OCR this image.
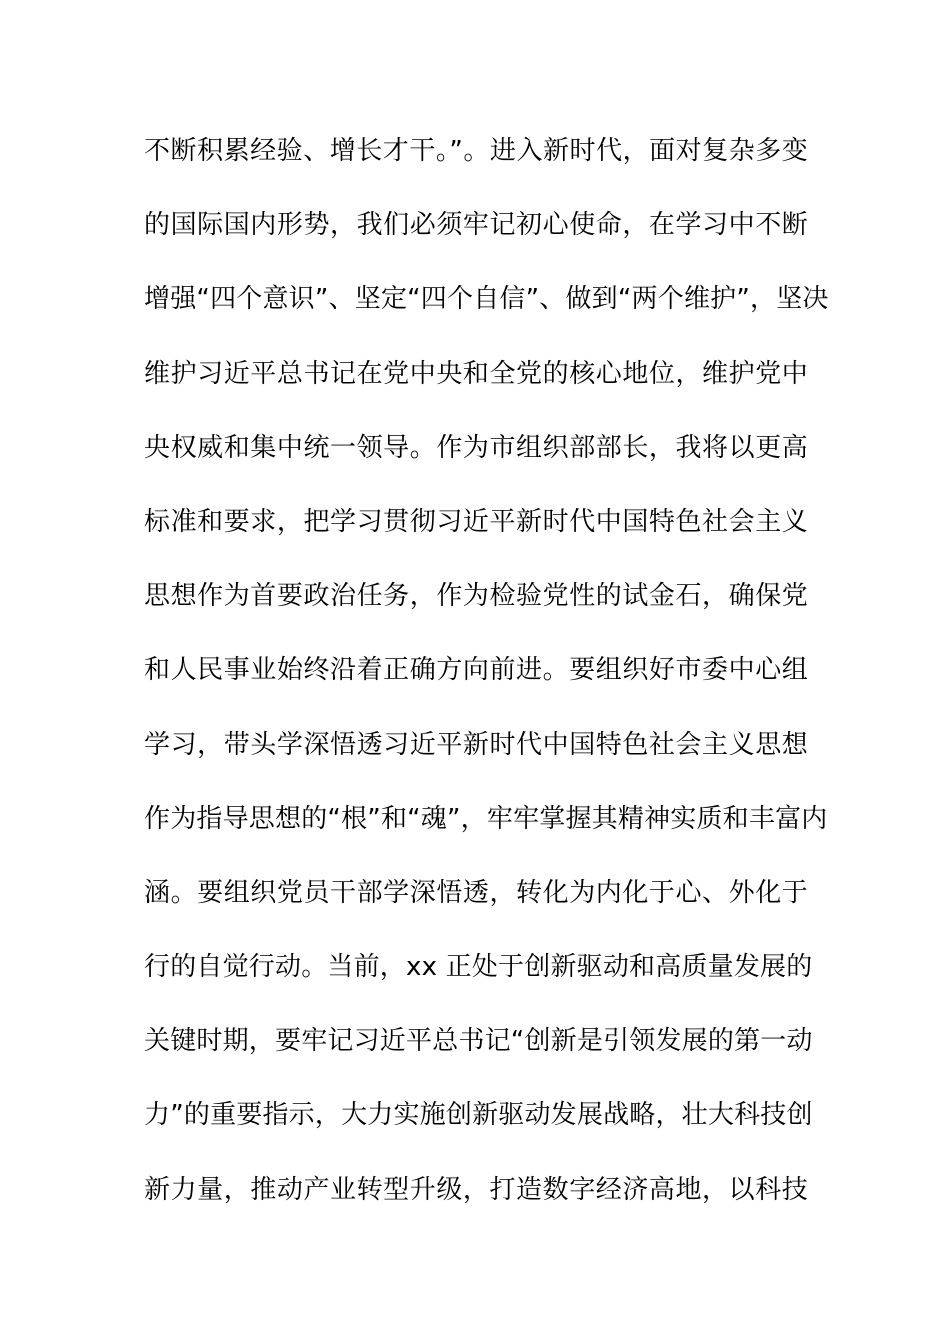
不断积累经验、增长才干。”。进入新时代，面对复杂多变
的国际国内形势，我们必须牢记初心使命，在学习中不断
增强“四个意识”、坚定“四个自信”、做到“两个维护”，坚决
维护习近平总书记在党中央和全党的核心地位，维护党中
央权威和集中统一领导。作为市组织部部长，我将以更高
标准和要求，把学习贯彻习近平新时代中国特色社会主义
思想作为首要政治任务，作为检验党性的试金石，确保党
和人民事业始终沿着正确方向前进。要组织好市委中心组
学习，带头学深悟透习近平新时代中国特色社会主义思想
作为指导思想的“根”和“魂”，牢牢掌握其精神实质和丰富内
涵。要组织党员干部学深悟透，转化为内化于心、外化于
行的自觉行动。当前，xx 正处于创新驱动和高质量发展的
关键时期，要牢记习近平总书记“创新是引领发展的第一动
力”的重要指示，大力实施创新驱动发展战略，壮大科技创
新力量，推动产业转型升级，打造数字经济高地，以科技
